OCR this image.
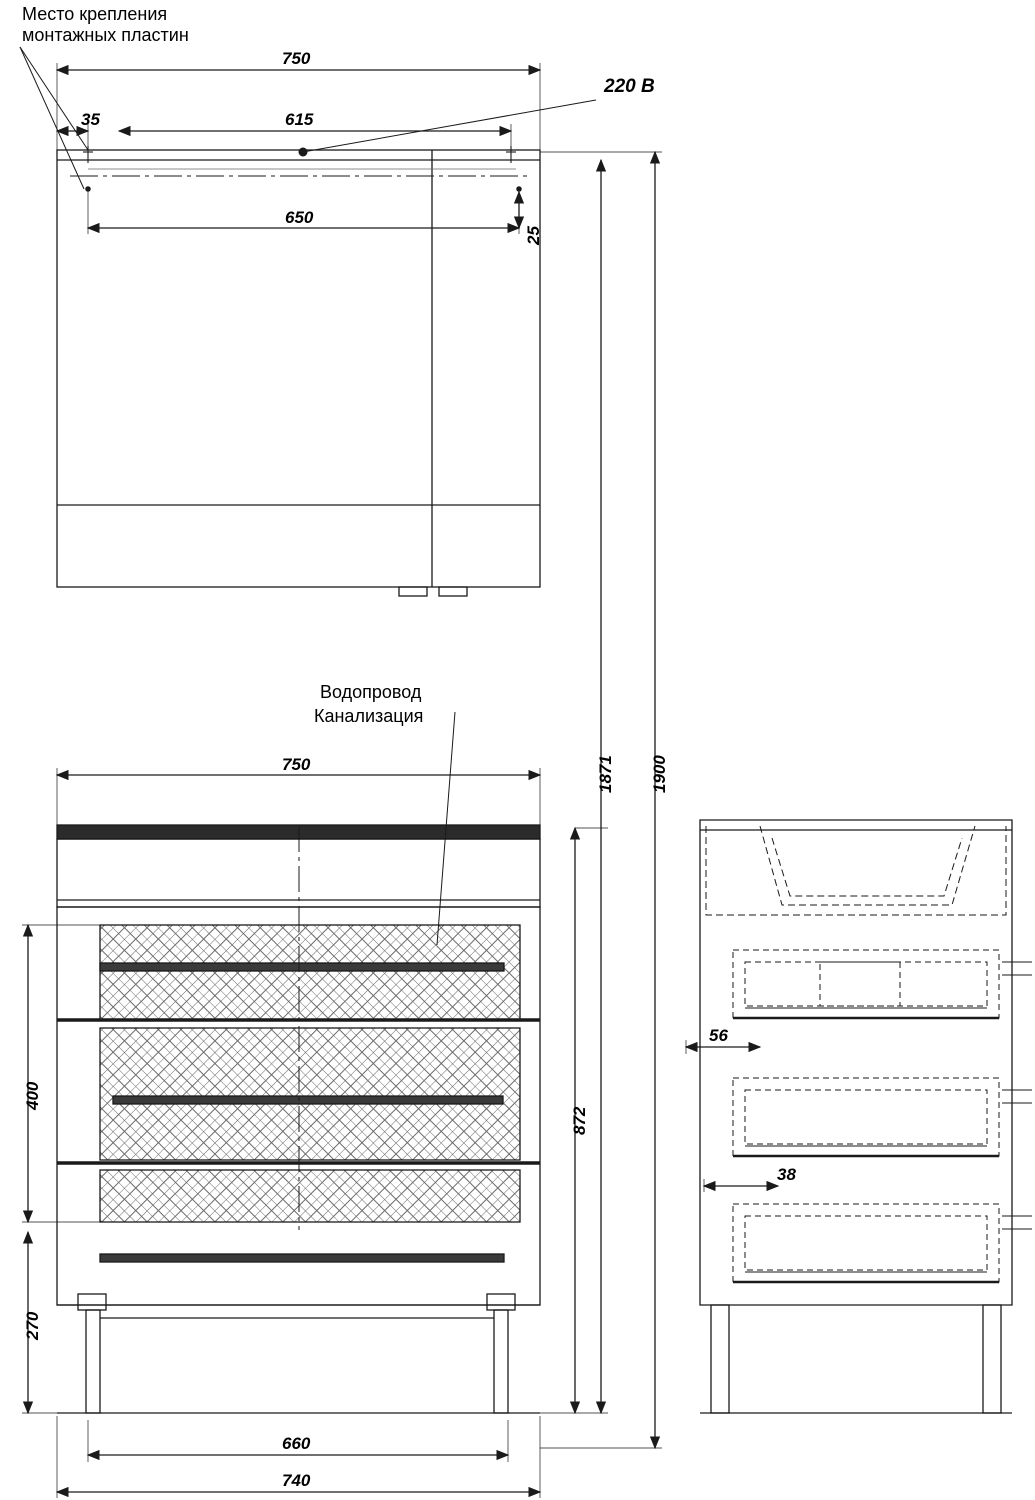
Место крепления
монтажных пластин
220 В
Водопровод
Канализация
750
35	615
650
25
1871 1900
750
400
270
872
660
740
56
38
